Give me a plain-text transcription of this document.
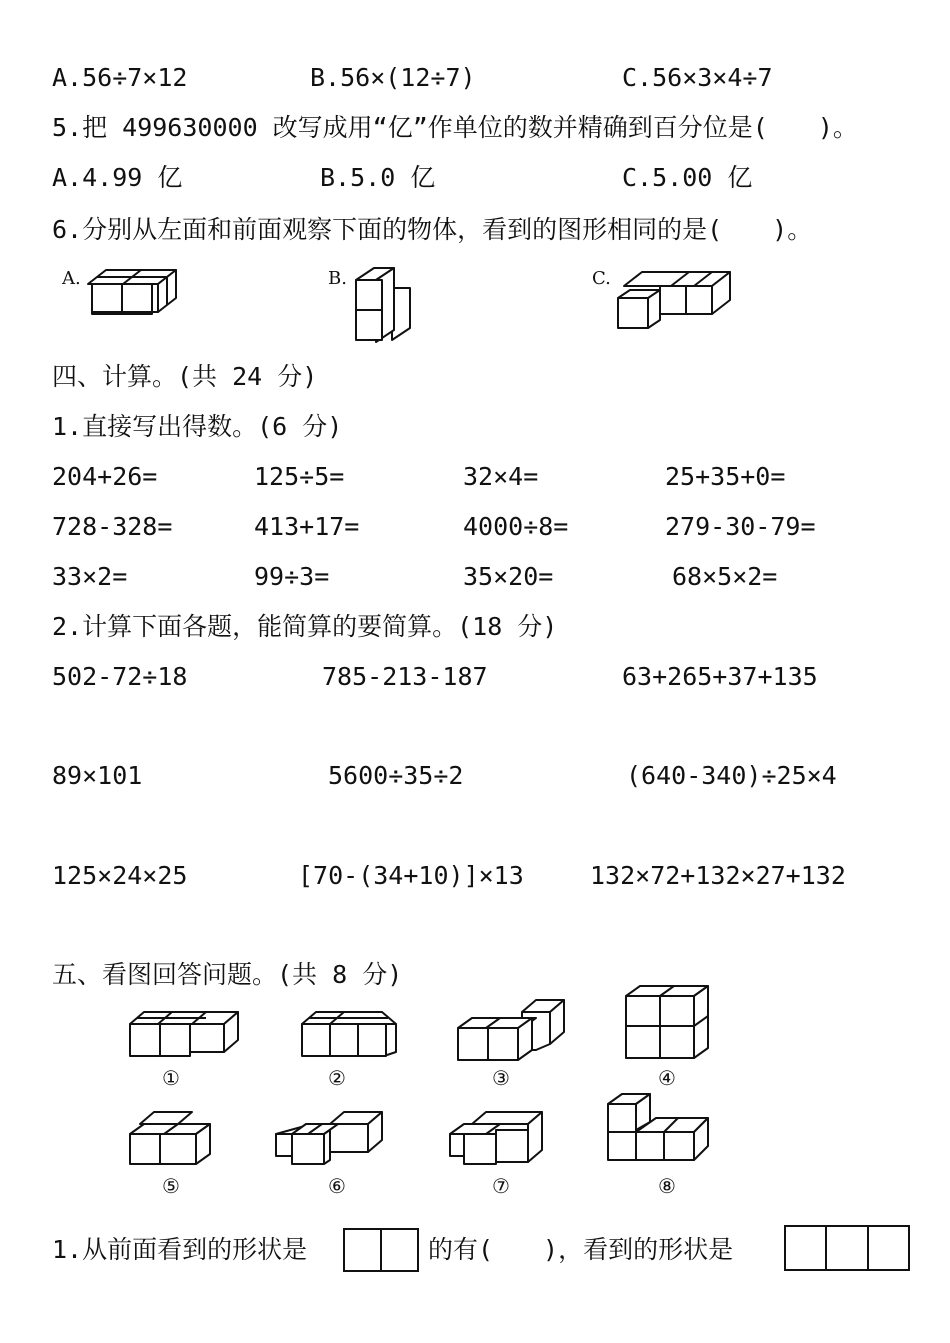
A.56÷7×12	B.56×(12÷7)	C.56×3×4÷7
5.把 499630000 改写成用“亿”作单位的数并精确到百分位是(　　)。
A.4.99 亿	B.5.0 亿	C.5.00 亿
6.分别从左面和前面观察下面的物体，看到的图形相同的是(　　)。
A.	B.	C.
四、计算。(共 24 分)
1.直接写出得数。(6 分)
204+26=	125÷5=	32×4=	25+35+0=
728-328=	413+17=	4000÷8=	279-30-79=
33×2=	99÷3=	35×20=	68×5×2=
2.计算下面各题，能简算的要简算。(18 分)
502-72÷18	785-213-187	63+265+37+135
89×101	5600÷35÷2	(640-340)÷25×4
125×24×25	[70-(34+10)]×13	132×72+132×27+132
五、看图回答问题。(共 8 分)
①	②	③	④
⑤	⑥	⑦	⑧
1.从前面看到的形状是	的有(　　)，看到的形状是
